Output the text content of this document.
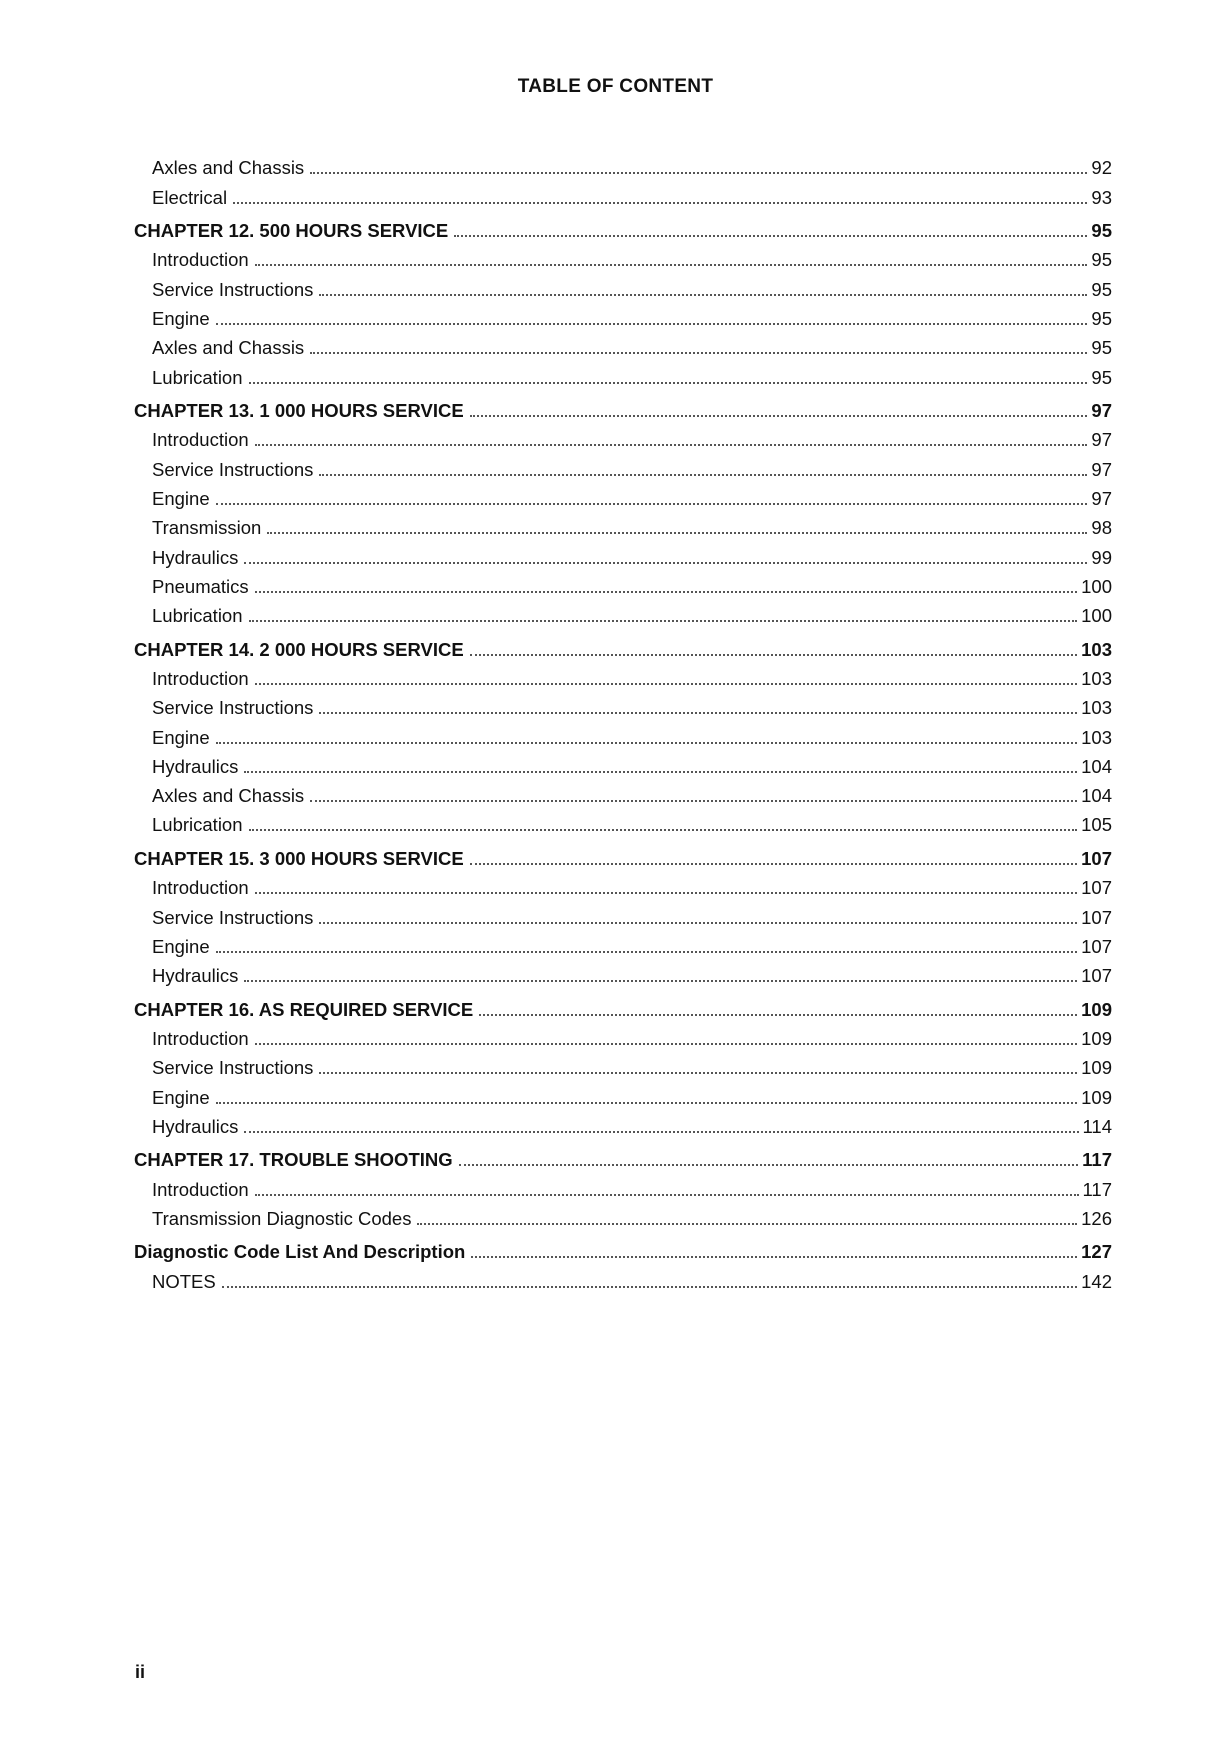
TABLE OF CONTENT
Axles and Chassis	92
Electrical	93
CHAPTER 12. 500 HOURS SERVICE	95
Introduction	95
Service Instructions	95
Engine	95
Axles and Chassis	95
Lubrication	95
CHAPTER 13. 1 000 HOURS SERVICE	97
Introduction	97
Service Instructions	97
Engine	97
Transmission	98
Hydraulics	99
Pneumatics	100
Lubrication	100
CHAPTER 14. 2 000 HOURS SERVICE	103
Introduction	103
Service Instructions	103
Engine	103
Hydraulics	104
Axles and Chassis	104
Lubrication	105
CHAPTER 15. 3 000 HOURS SERVICE	107
Introduction	107
Service Instructions	107
Engine	107
Hydraulics	107
CHAPTER 16. AS REQUIRED SERVICE	109
Introduction	109
Service Instructions	109
Engine	109
Hydraulics	114
CHAPTER 17. TROUBLE SHOOTING	117
Introduction	117
Transmission Diagnostic Codes	126
Diagnostic Code List And Description	127
NOTES	142

ii
